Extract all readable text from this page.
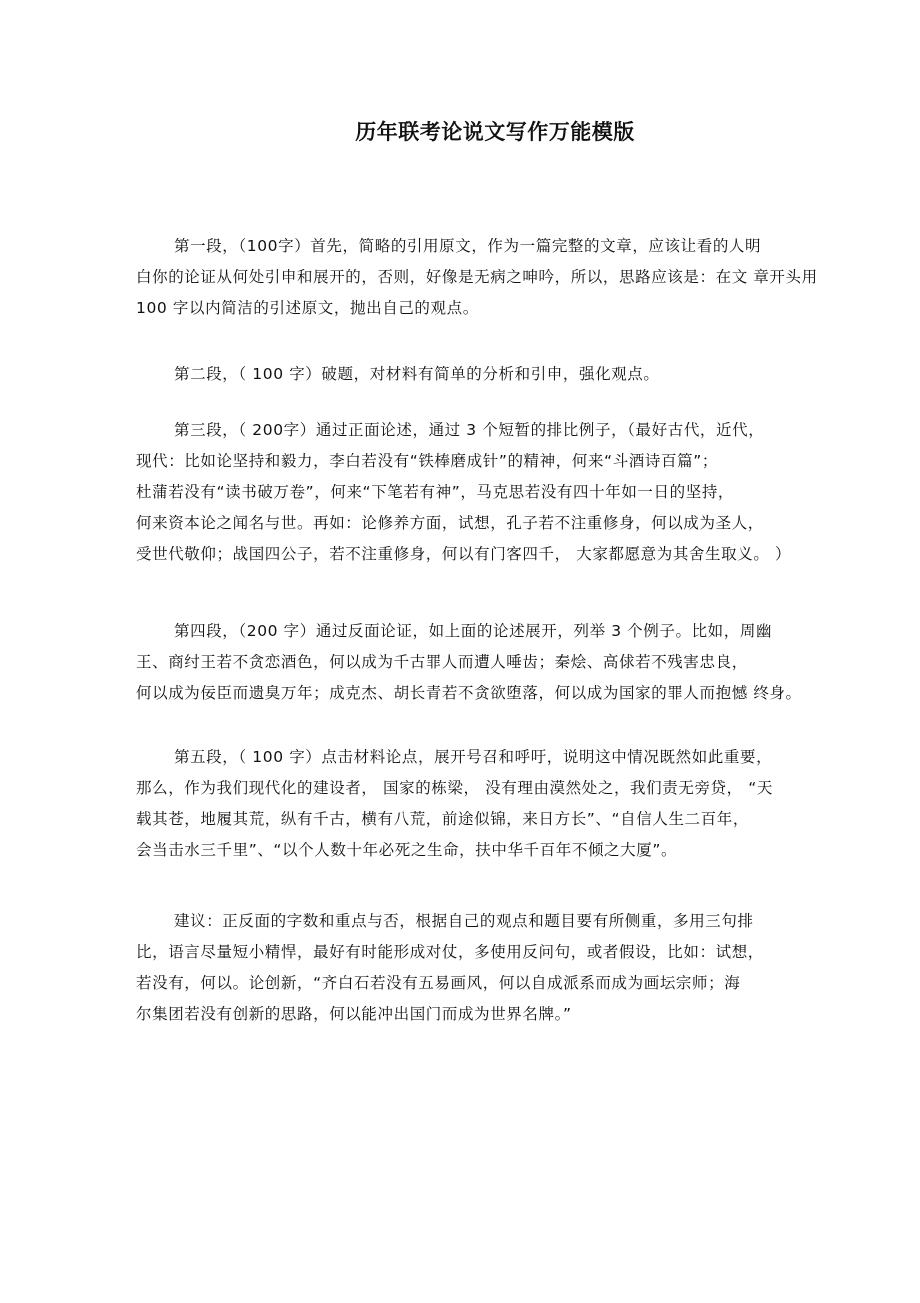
历年联考论说文写作万能模版
第一段，（100字）首先，简略的引用原文，作为一篇完整的文章，应该让看的人明
白你的论证从何处引申和展开的，否则，好像是无病之呻吟，所以，思路应该是：在文 章开头用
100 字以内简洁的引述原文，抛出自己的观点。
第二段，（ 100 字）破题，对材料有简单的分析和引申，强化观点。
第三段，（ 200字）通过正面论述，通过 3 个短暂的排比例子，（最好古代，近代，
现代：比如论坚持和毅力，李白若没有“铁棒磨成针”的精神，何来“斗酒诗百篇”；
杜蒲若没有“读书破万卷”，何来“下笔若有神”，马克思若没有四十年如一日的坚持，
何来资本论之闻名与世。再如：论修养方面，试想，孔子若不注重修身，何以成为圣人，
受世代敬仰；战国四公子，若不注重修身，何以有门客四千， 大家都愿意为其舍生取义。 ）
第四段，（200 字）通过反面论证，如上面的论述展开，列举 3 个例子。比如，周幽
王、商纣王若不贪恋酒色，何以成为千古罪人而遭人唾齿；秦烩、高俅若不残害忠良，
何以成为佞臣而遗臭万年；成克杰、胡长青若不贪欲堕落，何以成为国家的罪人而抱憾 终身。
第五段，（ 100 字）点击材料论点，展开号召和呼吁，说明这中情况既然如此重要，
那么，作为我们现代化的建设者， 国家的栋梁， 没有理由漠然处之，我们责无旁贷， “天
载其苍，地履其荒，纵有千古，横有八荒，前途似锦，来日方长”、“自信人生二百年，
会当击水三千里”、“以个人数十年必死之生命，扶中华千百年不倾之大厦”。
建议：正反面的字数和重点与否，根据自己的观点和题目要有所侧重，多用三句排
比，语言尽量短小精悍，最好有时能形成对仗，多使用反问句，或者假设，比如：试想，
若没有，何以。论创新，“齐白石若没有五易画风，何以自成派系而成为画坛宗师；海
尔集团若没有创新的思路，何以能冲出国门而成为世界名牌。”
